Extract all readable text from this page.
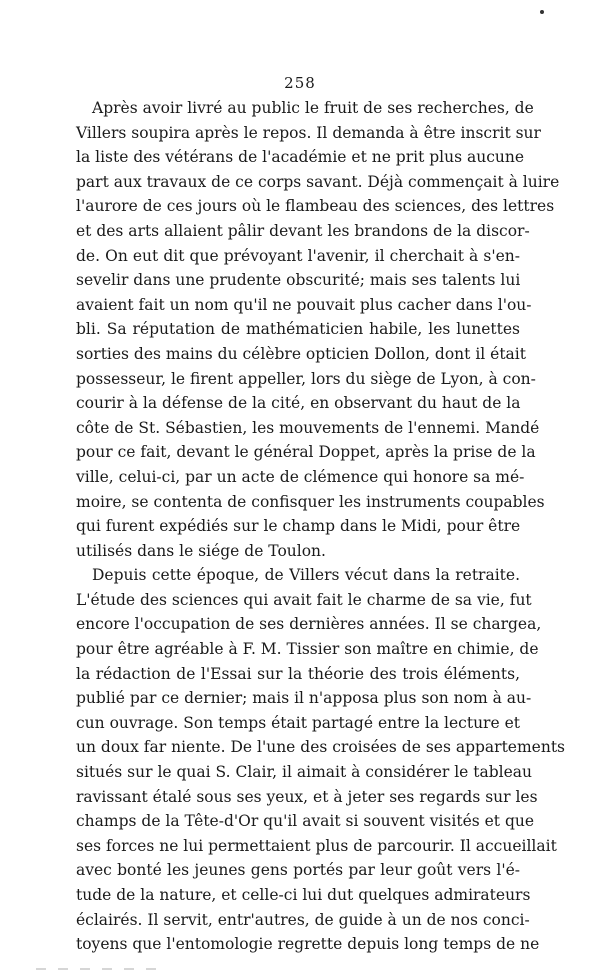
258
Après avoir livré au public le fruit de ses recherches, de
Villers soupira après le repos. Il demanda à être inscrit sur
la liste des vétérans de l'académie et ne prit plus aucune
part aux travaux de ce corps savant. Déjà commençait à luire
l'aurore de ces jours où le flambeau des sciences, des lettres
et des arts allaient pâlir devant les brandons de la discor-
de. On eut dit que prévoyant l'avenir, il cherchait à s'en-
sevelir dans une prudente obscurité; mais ses talents lui
avaient fait un nom qu'il ne pouvait plus cacher dans l'ou-
bli. Sa réputation de mathématicien habile, les lunettes
sorties des mains du célèbre opticien Dollon, dont il était
possesseur, le firent appeller, lors du siège de Lyon, à con-
courir à la défense de la cité, en observant du haut de la
côte de St. Sébastien, les mouvements de l'ennemi. Mandé
pour ce fait, devant le général Doppet, après la prise de la
ville, celui-ci, par un acte de clémence qui honore sa mé-
moire, se contenta de confisquer les instruments coupables
qui furent expédiés sur le champ dans le Midi, pour être
utilisés dans le siége de Toulon.
Depuis cette époque, de Villers vécut dans la retraite.
L'étude des sciences qui avait fait le charme de sa vie, fut
encore l'occupation de ses dernières années. Il se chargea,
pour être agréable à F. M. Tissier son maître en chimie, de
la rédaction de l'Essai sur la théorie des trois éléments,
publié par ce dernier; mais il n'apposa plus son nom à au-
cun ouvrage. Son temps était partagé entre la lecture et
un doux far niente. De l'une des croisées de ses appartements
situés sur le quai S. Clair, il aimait à considérer le tableau
ravissant étalé sous ses yeux, et à jeter ses regards sur les
champs de la Tête-d'Or qu'il avait si souvent visités et que
ses forces ne lui permettaient plus de parcourir. Il accueillait
avec bonté les jeunes gens portés par leur goût vers l'é-
tude de la nature, et celle-ci lui dut quelques admirateurs
éclairés. Il servit, entr'autres, de guide à un de nos conci-
toyens que l'entomologie regrette depuis long temps de ne
